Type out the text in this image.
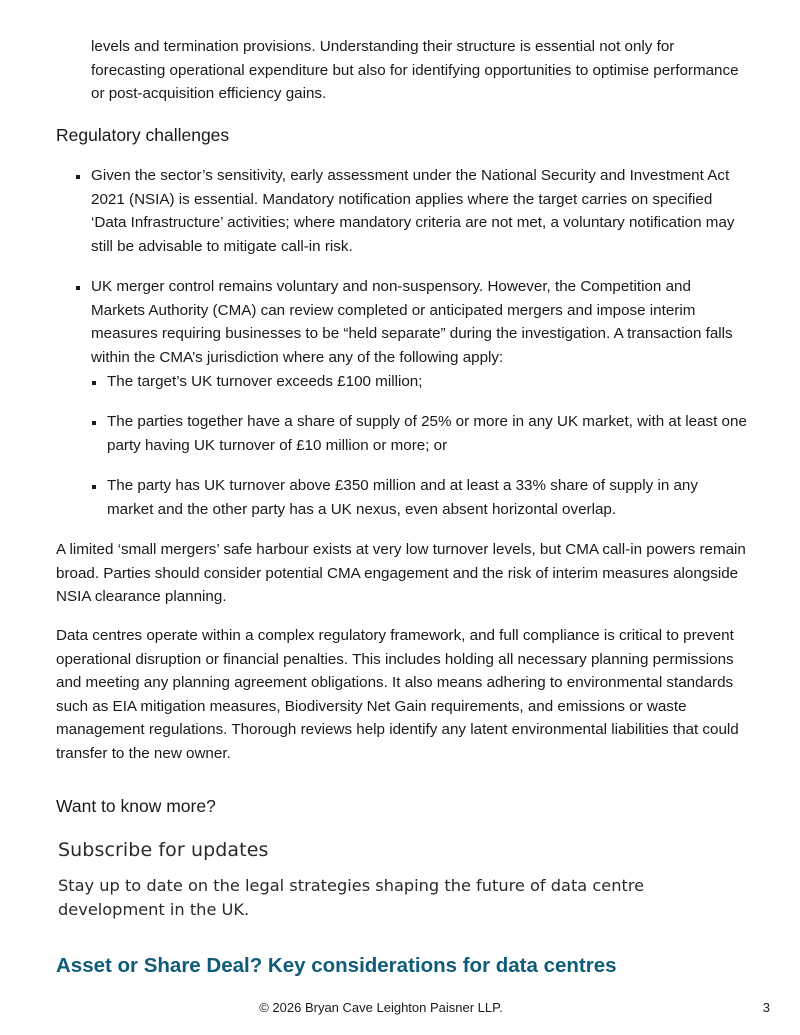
levels and termination provisions. Understanding their structure is essential not only for forecasting operational expenditure but also for identifying opportunities to optimise performance or post-acquisition efficiency gains.

Regulatory challenges
Given the sector’s sensitivity, early assessment under the National Security and Investment Act 2021 (NSIA) is essential. Mandatory notification applies where the target carries on specified ‘Data Infrastructure’ activities; where mandatory criteria are not met, a voluntary notification may still be advisable to mitigate call-in risk.
UK merger control remains voluntary and non-suspensory. However, the Competition and Markets Authority (CMA) can review completed or anticipated mergers and impose interim measures requiring businesses to be “held separate” during the investigation. A transaction falls within the CMA’s jurisdiction where any of the following apply:
The target’s UK turnover exceeds £100 million;
The parties together have a share of supply of 25% or more in any UK market, with at least one party having UK turnover of £10 million or more; or
The party has UK turnover above £350 million and at least a 33% share of supply in any market and the other party has a UK nexus, even absent horizontal overlap.

A limited ‘small mergers’ safe harbour exists at very low turnover levels, but CMA call-in powers remain broad. Parties should consider potential CMA engagement and the risk of interim measures alongside NSIA clearance planning.

Data centres operate within a complex regulatory framework, and full compliance is critical to prevent operational disruption or financial penalties. This includes holding all necessary planning permissions and meeting any planning agreement obligations. It also means adhering to environmental standards such as EIA mitigation measures, Biodiversity Net Gain requirements, and emissions or waste management regulations. Thorough reviews help identify any latent environmental liabilities that could transfer to the new owner.

Want to know more?
Subscribe for updates
Stay up to date on the legal strategies shaping the future of data centre development in the UK.
Asset or Share Deal? Key considerations for data centres
© 2026 Bryan Cave Leighton Paisner LLP.	3
